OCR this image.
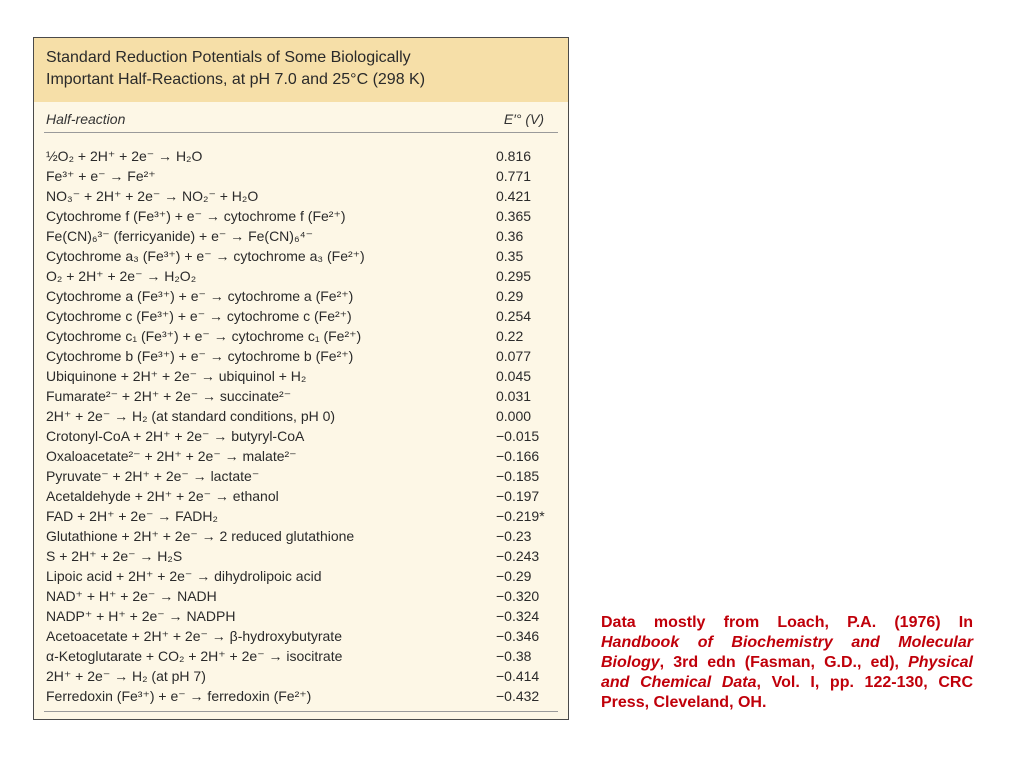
Standard Reduction Potentials of Some Biologically
Important Half-Reactions, at pH 7.0 and 25°C (298 K)
Half-reaction	E′° (V)
½O₂ + 2H⁺ + 2e⁻ → H₂O	0.816
Fe³⁺ + e⁻ → Fe²⁺	0.771
NO₃⁻ + 2H⁺ + 2e⁻ → NO₂⁻ + H₂O	0.421
Cytochrome f (Fe³⁺) + e⁻ → cytochrome f (Fe²⁺)	0.365
Fe(CN)₆³⁻ (ferricyanide) + e⁻ → Fe(CN)₆⁴⁻	0.36
Cytochrome a₃ (Fe³⁺) + e⁻ → cytochrome a₃ (Fe²⁺)	0.35
O₂ + 2H⁺ + 2e⁻ → H₂O₂	0.295
Cytochrome a (Fe³⁺) + e⁻ → cytochrome a (Fe²⁺)	0.29
Cytochrome c (Fe³⁺) + e⁻ → cytochrome c (Fe²⁺)	0.254
Cytochrome c₁ (Fe³⁺) + e⁻ → cytochrome c₁ (Fe²⁺)	0.22
Cytochrome b (Fe³⁺) + e⁻ → cytochrome b (Fe²⁺)	0.077
Ubiquinone + 2H⁺ + 2e⁻ → ubiquinol + H₂	0.045
Fumarate²⁻ + 2H⁺ + 2e⁻ → succinate²⁻	0.031
2H⁺ + 2e⁻ → H₂ (at standard conditions, pH 0)	0.000
Crotonyl-CoA + 2H⁺ + 2e⁻ → butyryl-CoA	−0.015
Oxaloacetate²⁻ + 2H⁺ + 2e⁻ → malate²⁻	−0.166
Pyruvate⁻ + 2H⁺ + 2e⁻ → lactate⁻	−0.185
Acetaldehyde + 2H⁺ + 2e⁻ → ethanol	−0.197
FAD + 2H⁺ + 2e⁻ → FADH₂	−0.219*
Glutathione + 2H⁺ + 2e⁻ → 2 reduced glutathione	−0.23
S + 2H⁺ + 2e⁻ → H₂S	−0.243
Lipoic acid + 2H⁺ + 2e⁻ → dihydrolipoic acid	−0.29
NAD⁺ + H⁺ + 2e⁻ → NADH	−0.320
NADP⁺ + H⁺ + 2e⁻ → NADPH	−0.324
Acetoacetate + 2H⁺ + 2e⁻ → β-hydroxybutyrate	−0.346
α-Ketoglutarate + CO₂ + 2H⁺ + 2e⁻ → isocitrate	−0.38
2H⁺ + 2e⁻ → H₂ (at pH 7)	−0.414
Ferredoxin (Fe³⁺) + e⁻ → ferredoxin (Fe²⁺)	−0.432
Data mostly from Loach, P.A. (1976) In Handbook of Biochemistry and Molecular Biology, 3rd edn (Fasman, G.D., ed), Physical and Chemical Data, Vol. I, pp. 122-130, CRC Press, Cleveland, OH.
